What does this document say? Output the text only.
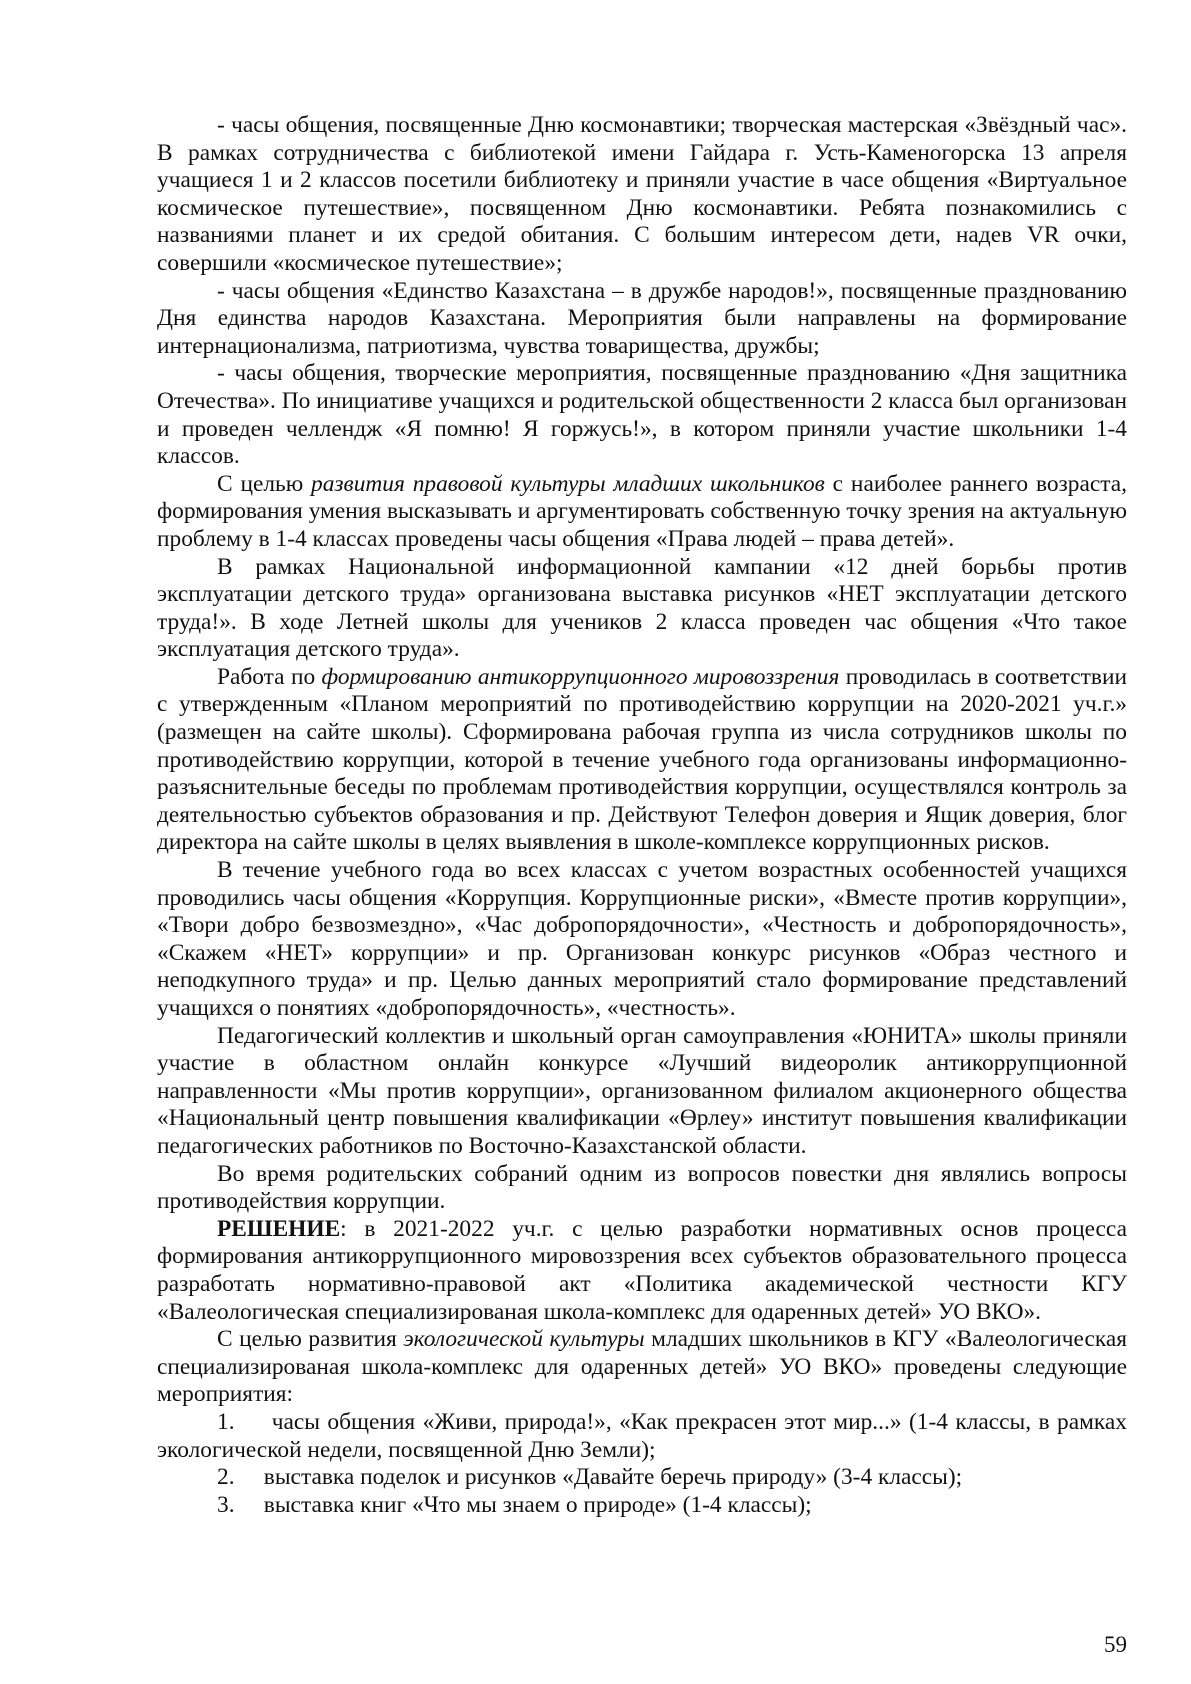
- часы общения, посвященные Дню космонавтики; творческая мастерская «Звёздный час». В рамках сотрудничества с библиотекой имени Гайдара г. Усть-Каменогорска 13 апреля учащиеся 1 и 2 классов посетили библиотеку и приняли участие в часе общения «Виртуальное космическое путешествие», посвященном Дню космонавтики. Ребята познакомились с названиями планет и их средой обитания. С большим интересом дети, надев VR очки, совершили «космическое путешествие»;

- часы общения «Единство Казахстана – в дружбе народов!», посвященные празднованию Дня единства народов Казахстана. Мероприятия были направлены на формирование интернационализма, патриотизма, чувства товарищества, дружбы;

- часы общения, творческие мероприятия, посвященные празднованию «Дня защитника Отечества». По инициативе учащихся и родительской общественности 2 класса был организован и проведен челлендж «Я помню! Я горжусь!», в котором приняли участие школьники 1-4 классов.

С целью развития правовой культуры младших школьников с наиболее раннего возраста, формирования умения высказывать и аргументировать собственную точку зрения на актуальную проблему в 1-4 классах проведены часы общения «Права людей – права детей».

В рамках Национальной информационной кампании «12 дней борьбы против эксплуатации детского труда» организована выставка рисунков «НЕТ эксплуатации детского труда!». В ходе Летней школы для учеников 2 класса проведен час общения «Что такое эксплуатация детского труда».

Работа по формированию антикоррупционного мировоззрения проводилась в соответствии с утвержденным «Планом мероприятий по противодействию коррупции на 2020-2021 уч.г.» (размещен на сайте школы). Сформирована рабочая группа из числа сотрудников школы по противодействию коррупции, которой в течение учебного года организованы информационно-разъяснительные беседы по проблемам противодействия коррупции, осуществлялся контроль за деятельностью субъектов образования и пр. Действуют Телефон доверия и Ящик доверия, блог директора на сайте школы в целях выявления в школе-комплексе коррупционных рисков.

В течение учебного года во всех классах с учетом возрастных особенностей учащихся проводились часы общения «Коррупция. Коррупционные риски», «Вместе против коррупции», «Твори добро безвозмездно», «Час добропорядочности», «Честность и добропорядочность», «Скажем «НЕТ» коррупции» и пр. Организован конкурс рисунков «Образ честного и неподкупного труда» и пр. Целью данных мероприятий стало формирование представлений учащихся о понятиях «добропорядочность», «честность».

Педагогический коллектив и школьный орган самоуправления «ЮНИТА» школы приняли участие в областном онлайн конкурсе «Лучший видеоролик антикоррупционной направленности «Мы против коррупции», организованном филиалом акционерного общества «Национальный центр повышения квалификации «Өрлеу» институт повышения квалификации педагогических работников по Восточно-Казахстанской области.

Во время родительских собраний одним из вопросов повестки дня являлись вопросы противодействия коррупции.

РЕШЕНИЕ: в 2021-2022 уч.г. с целью разработки нормативных основ процесса формирования антикоррупционного мировоззрения всех субъектов образовательного процесса разработать нормативно-правовой акт «Политика академической честности КГУ «Валеологическая специализированая школа-комплекс для одаренных детей» УО ВКО».

С целью развития экологической культуры младших школьников в КГУ «Валеологическая специализированая школа-комплекс для одаренных детей» УО ВКО» проведены следующие мероприятия:

1. часы общения «Живи, природа!», «Как прекрасен этот мир...» (1-4 классы, в рамках экологической недели, посвященной Дню Земли);
2. выставка поделок и рисунков «Давайте беречь природу» (3-4 классы);
3. выставка книг «Что мы знаем о природе» (1-4 классы);
59
